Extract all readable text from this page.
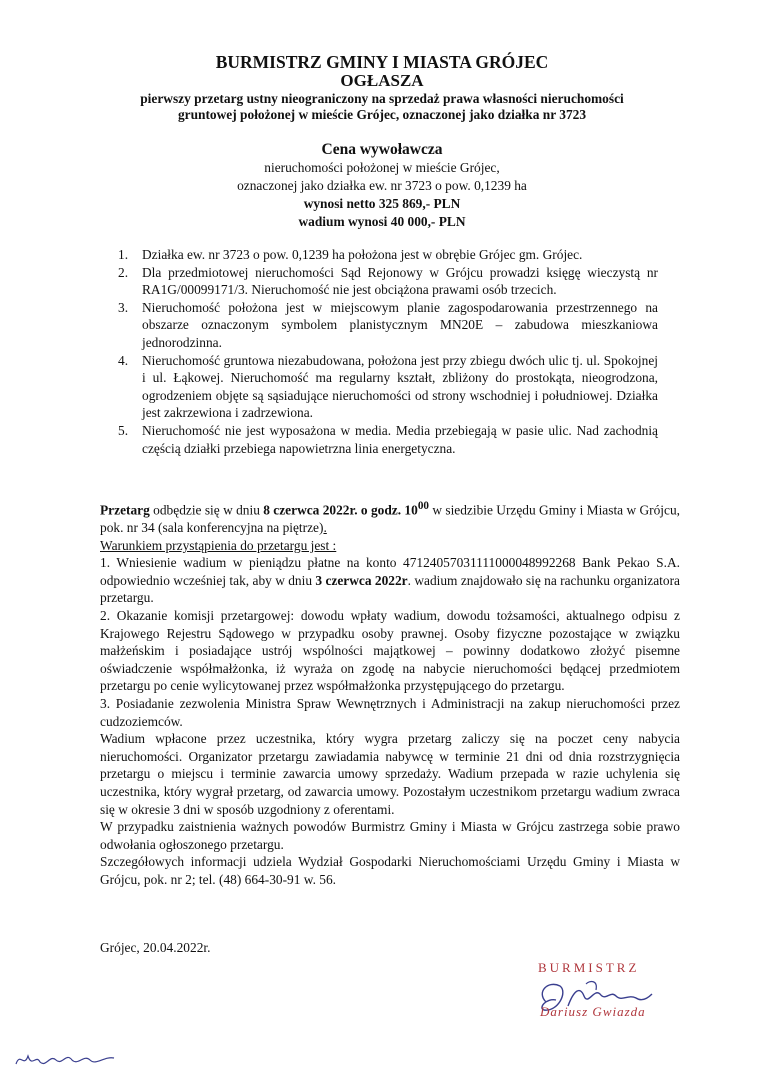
BURMISTRZ GMINY I MIASTA GRÓJEC
OGŁASZA
pierwszy przetarg ustny nieograniczony na sprzedaż prawa własności nieruchomości
gruntowej położonej w mieście Grójec, oznaczonej jako działka nr 3723
Cena wywoławcza
nieruchomości położonej w mieście Grójec,
oznaczonej jako działka ew. nr 3723 o pow. 0,1239 ha
wynosi netto 325 869,- PLN
wadium wynosi 40 000,- PLN
1. Działka ew. nr 3723 o pow. 0,1239 ha położona jest w obrębie Grójec gm. Grójec.
2. Dla przedmiotowej nieruchomości Sąd Rejonowy w Grójcu prowadzi księgę wieczystą nr RA1G/00099171/3. Nieruchomość nie jest obciążona prawami osób trzecich.
3. Nieruchomość położona jest w miejscowym planie zagospodarowania przestrzennego na obszarze oznaczonym symbolem planistycznym MN20E – zabudowa mieszkaniowa jednorodzinna.
4. Nieruchomość gruntowa niezabudowana, położona jest przy zbiegu dwóch ulic tj. ul. Spokojnej i ul. Łąkowej. Nieruchomość ma regularny kształt, zbliżony do prostokąta, nieogrodzona, ogrodzeniem objęte są sąsiadujące nieruchomości od strony wschodniej i południowej. Działka jest zakrzewiona i zadrzewiona.
5. Nieruchomość nie jest wyposażona w media. Media przebiegają w pasie ulic. Nad zachodnią częścią działki przebiega napowietrzna linia energetyczna.

Przetarg odbędzie się w dniu 8 czerwca 2022r. o godz. $10^{00}$ w siedzibie Urzędu Gminy i Miasta w Grójcu, pok. nr 34 (sala konferencyjna na piętrze).

Warunkiem przystąpienia do przetargu jest :

1. Wniesienie wadium w pieniądzu płatne na konto 47124057031111000048992268 Bank Pekao S.A. odpowiednio wcześniej tak, aby w dniu 3 czerwca 2022r. wadium znajdowało się na rachunku organizatora przetargu.

2. Okazanie komisji przetargowej: dowodu wpłaty wadium, dowodu tożsamości, aktualnego odpisu z Krajowego Rejestru Sądowego w przypadku osoby prawnej. Osoby fizyczne pozostające w związku małżeńskim i posiadające ustrój wspólności majątkowej – powinny dodatkowo złożyć pisemne oświadczenie współmałżonka, iż wyraża on zgodę na nabycie nieruchomości będącej przedmiotem przetargu po cenie wylicytowanej przez współmałżonka przystępującego do przetargu.

3. Posiadanie zezwolenia Ministra Spraw Wewnętrznych i Administracji na zakup nieruchomości przez cudzoziemców.

Wadium wpłacone przez uczestnika, który wygra przetarg zaliczy się na poczet ceny nabycia nieruchomości. Organizator przetargu zawiadamia nabywcę w terminie 21 dni od dnia rozstrzygnięcia przetargu o miejscu i terminie zawarcia umowy sprzedaży. Wadium przepada w razie uchylenia się uczestnika, który wygrał przetarg, od zawarcia umowy. Pozostałym uczestnikom przetargu wadium zwraca się w okresie 3 dni w sposób uzgodniony z oferentami.

W przypadku zaistnienia ważnych powodów Burmistrz Gminy i Miasta w Grójcu zastrzega sobie prawo odwołania ogłoszonego przetargu.

Szczegółowych informacji udziela Wydział Gospodarki Nieruchomościami Urzędu Gminy i Miasta w Grójcu, pok. nr 2; tel. (48) 664-30-91 w. 56.

Grójec, 20.04.2022r.
BURMISTRZ
Dariusz Gwiazda
